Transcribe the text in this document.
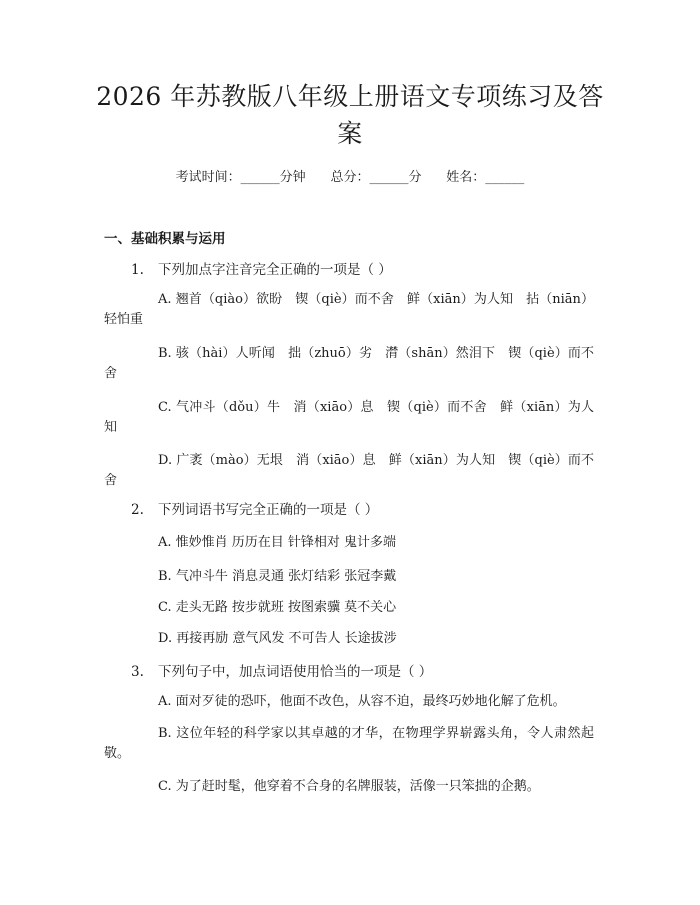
2026 年苏教版八年级上册语文专项练习及答案
考试时间：______分钟 总分：______分 姓名：______
一、基础积累与运用
1. 下列加点字注音完全正确的一项是（ ）
A. 翘首（qiào）欲盼　锲（qiè）而不舍　鲜（xiān）为人知　拈（niān）轻怕重
B. 骇（hài）人听闻　拙（zhuō）劣　潸（shān）然泪下　锲（qiè）而不舍
C. 气冲斗（dǒu）牛　消（xiāo）息　锲（qiè）而不舍　鲜（xiān）为人知
D. 广袤（mào）无垠　消（xiāo）息　鲜（xiān）为人知　锲（qiè）而不舍
2. 下列词语书写完全正确的一项是（ ）
A. 惟妙惟肖 历历在目 针锋相对 鬼计多端
B. 气冲斗牛 消息灵通 张灯结彩 张冠李戴
C. 走头无路 按步就班 按图索骥 莫不关心
D. 再接再励 意气风发 不可告人 长途拔涉
3. 下列句子中，加点词语使用恰当的一项是（ ）
A. 面对歹徒的恐吓，他面不改色，从容不迫，最终巧妙地化解了危机。
B. 这位年轻的科学家以其卓越的才华，在物理学界崭露头角，令人肃然起敬。
C. 为了赶时髦，他穿着不合身的名牌服装，活像一只笨拙的企鹅。
